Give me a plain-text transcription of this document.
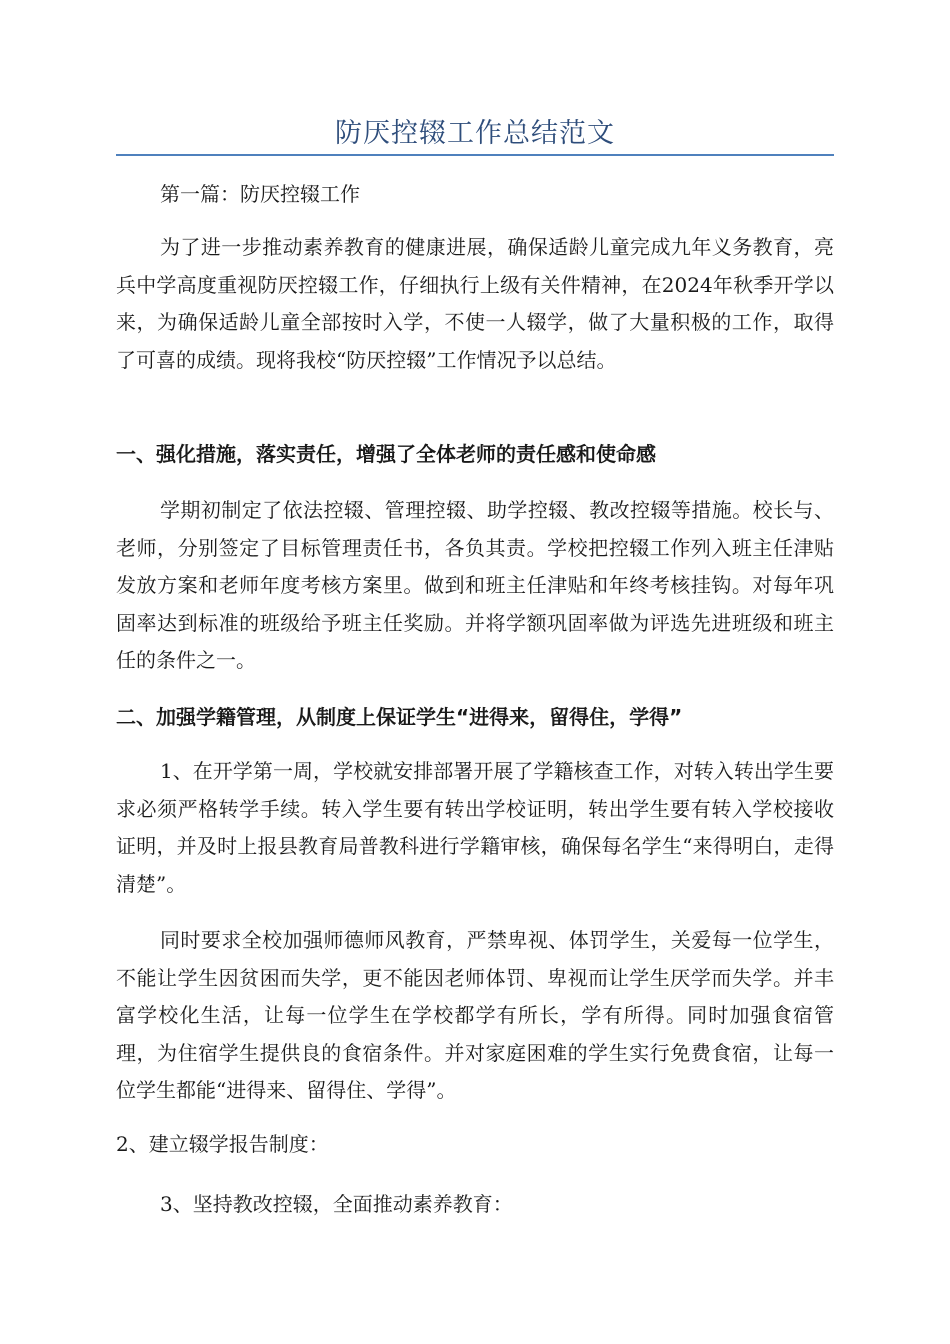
防厌控辍工作总结范文

第一篇：防厌控辍工作

为了进一步推动素养教育的健康进展，确保适龄儿童完成九年义务教育，亮兵中学高度重视防厌控辍工作，仔细执行上级有关件精神，在2024年秋季开学以来，为确保适龄儿童全部按时入学，不使一人辍学，做了大量积极的工作，取得了可喜的成绩。现将我校“防厌控辍”工作情况予以总结。

一、强化措施，落实责任，增强了全体老师的责任感和使命感

学期初制定了依法控辍、管理控辍、助学控辍、教改控辍等措施。校长与、老师，分别签定了目标管理责任书，各负其责。学校把控辍工作列入班主任津贴发放方案和老师年度考核方案里。做到和班主任津贴和年终考核挂钩。对每年巩固率达到标准的班级给予班主任奖励。并将学额巩固率做为评选先进班级和班主任的条件之一。

二、加强学籍管理，从制度上保证学生“进得来，留得住，学得”

1、在开学第一周，学校就安排部署开展了学籍核查工作，对转入转出学生要求必须严格转学手续。转入学生要有转出学校证明，转出学生要有转入学校接收证明，并及时上报县教育局普教科进行学籍审核，确保每名学生“来得明白，走得清楚”。

同时要求全校加强师德师风教育，严禁卑视、体罚学生，关爱每一位学生，不能让学生因贫困而失学，更不能因老师体罚、卑视而让学生厌学而失学。并丰富学校化生活，让每一位学生在学校都学有所长，学有所得。同时加强食宿管理，为住宿学生提供良的食宿条件。并对家庭困难的学生实行免费食宿，让每一位学生都能“进得来、留得住、学得”。

2、建立辍学报告制度：

3、坚持教改控辍，全面推动素养教育：
